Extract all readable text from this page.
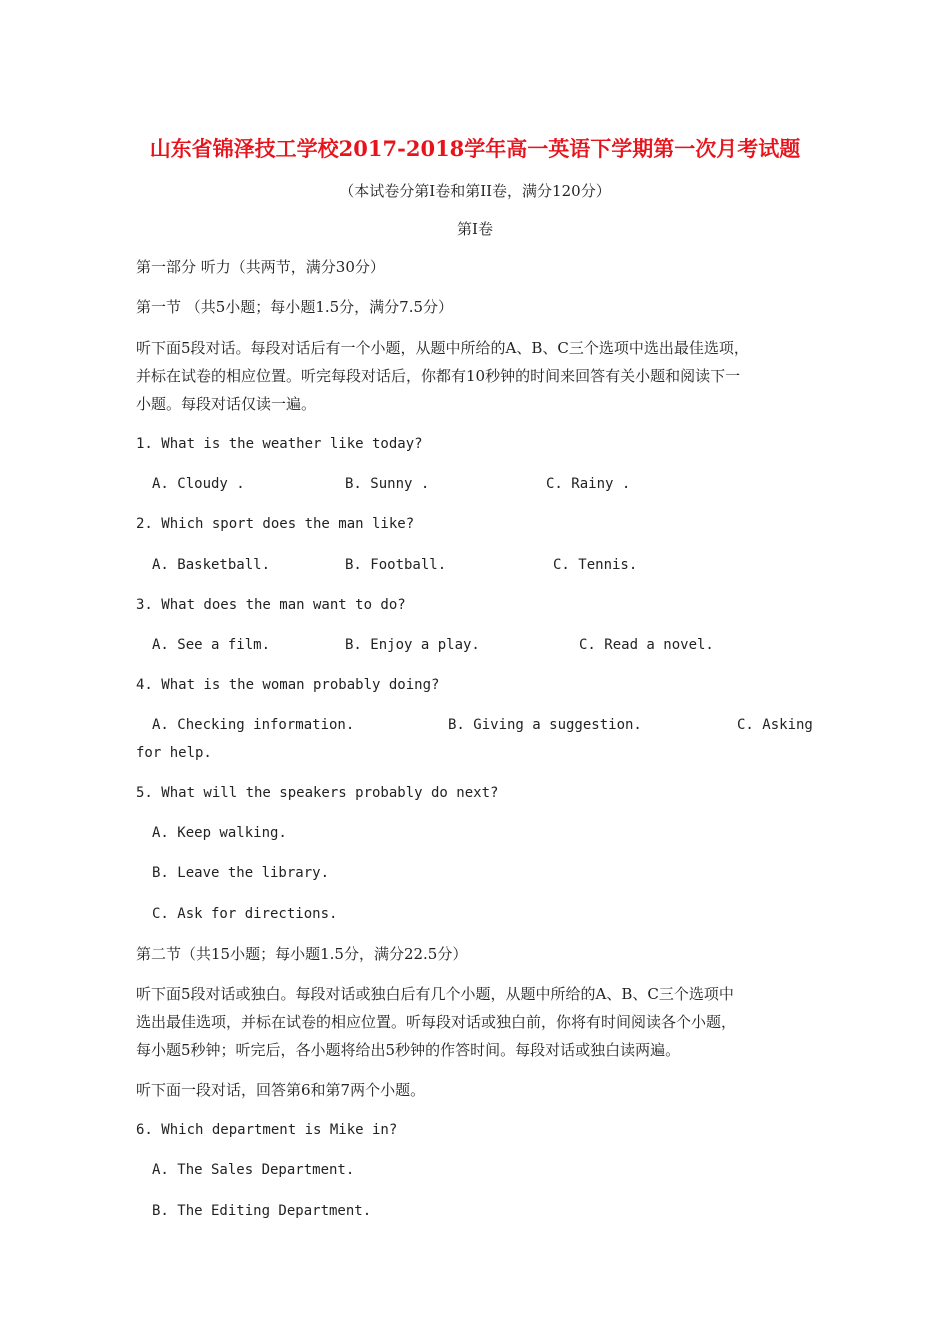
山东省锦泽技工学校2017-2018学年高一英语下学期第一次月考试题
（本试卷分第Ⅰ卷和第II卷，满分120分）
第Ⅰ卷
第一部分 听力（共两节，满分30分）
第一节 （共5小题；每小题1.5分，满分7.5分）
听下面5段对话。每段对话后有一个小题，从题中所给的A、B、C三个选项中选出最佳选项，
并标在试卷的相应位置。听完每段对话后，你都有10秒钟的时间来回答有关小题和阅读下一
小题。每段对话仅读一遍。
1. What is the weather like today?
A. Cloudy .	B. Sunny .	C. Rainy .
2. Which sport does the man like?
A. Basketball.	B. Football.	C. Tennis.
3. What does the man want to do?
A. See a film.	B. Enjoy a play.	C. Read a novel.
4. What is the woman probably doing?
A. Checking information.	B. Giving a suggestion.	C. Asking
for help.
5. What will the speakers probably do next?
A. Keep walking.
B. Leave the library.
C. Ask for directions.
第二节（共15小题；每小题1.5分，满分22.5分）
听下面5段对话或独白。每段对话或独白后有几个小题，从题中所给的A、B、C三个选项中
选出最佳选项，并标在试卷的相应位置。听每段对话或独白前，你将有时间阅读各个小题，
每小题5秒钟；听完后，各小题将给出5秒钟的作答时间。每段对话或独白读两遍。
听下面一段对话，回答第6和第7两个小题。
6. Which department is Mike in?
A. The Sales Department.
B. The Editing Department.
